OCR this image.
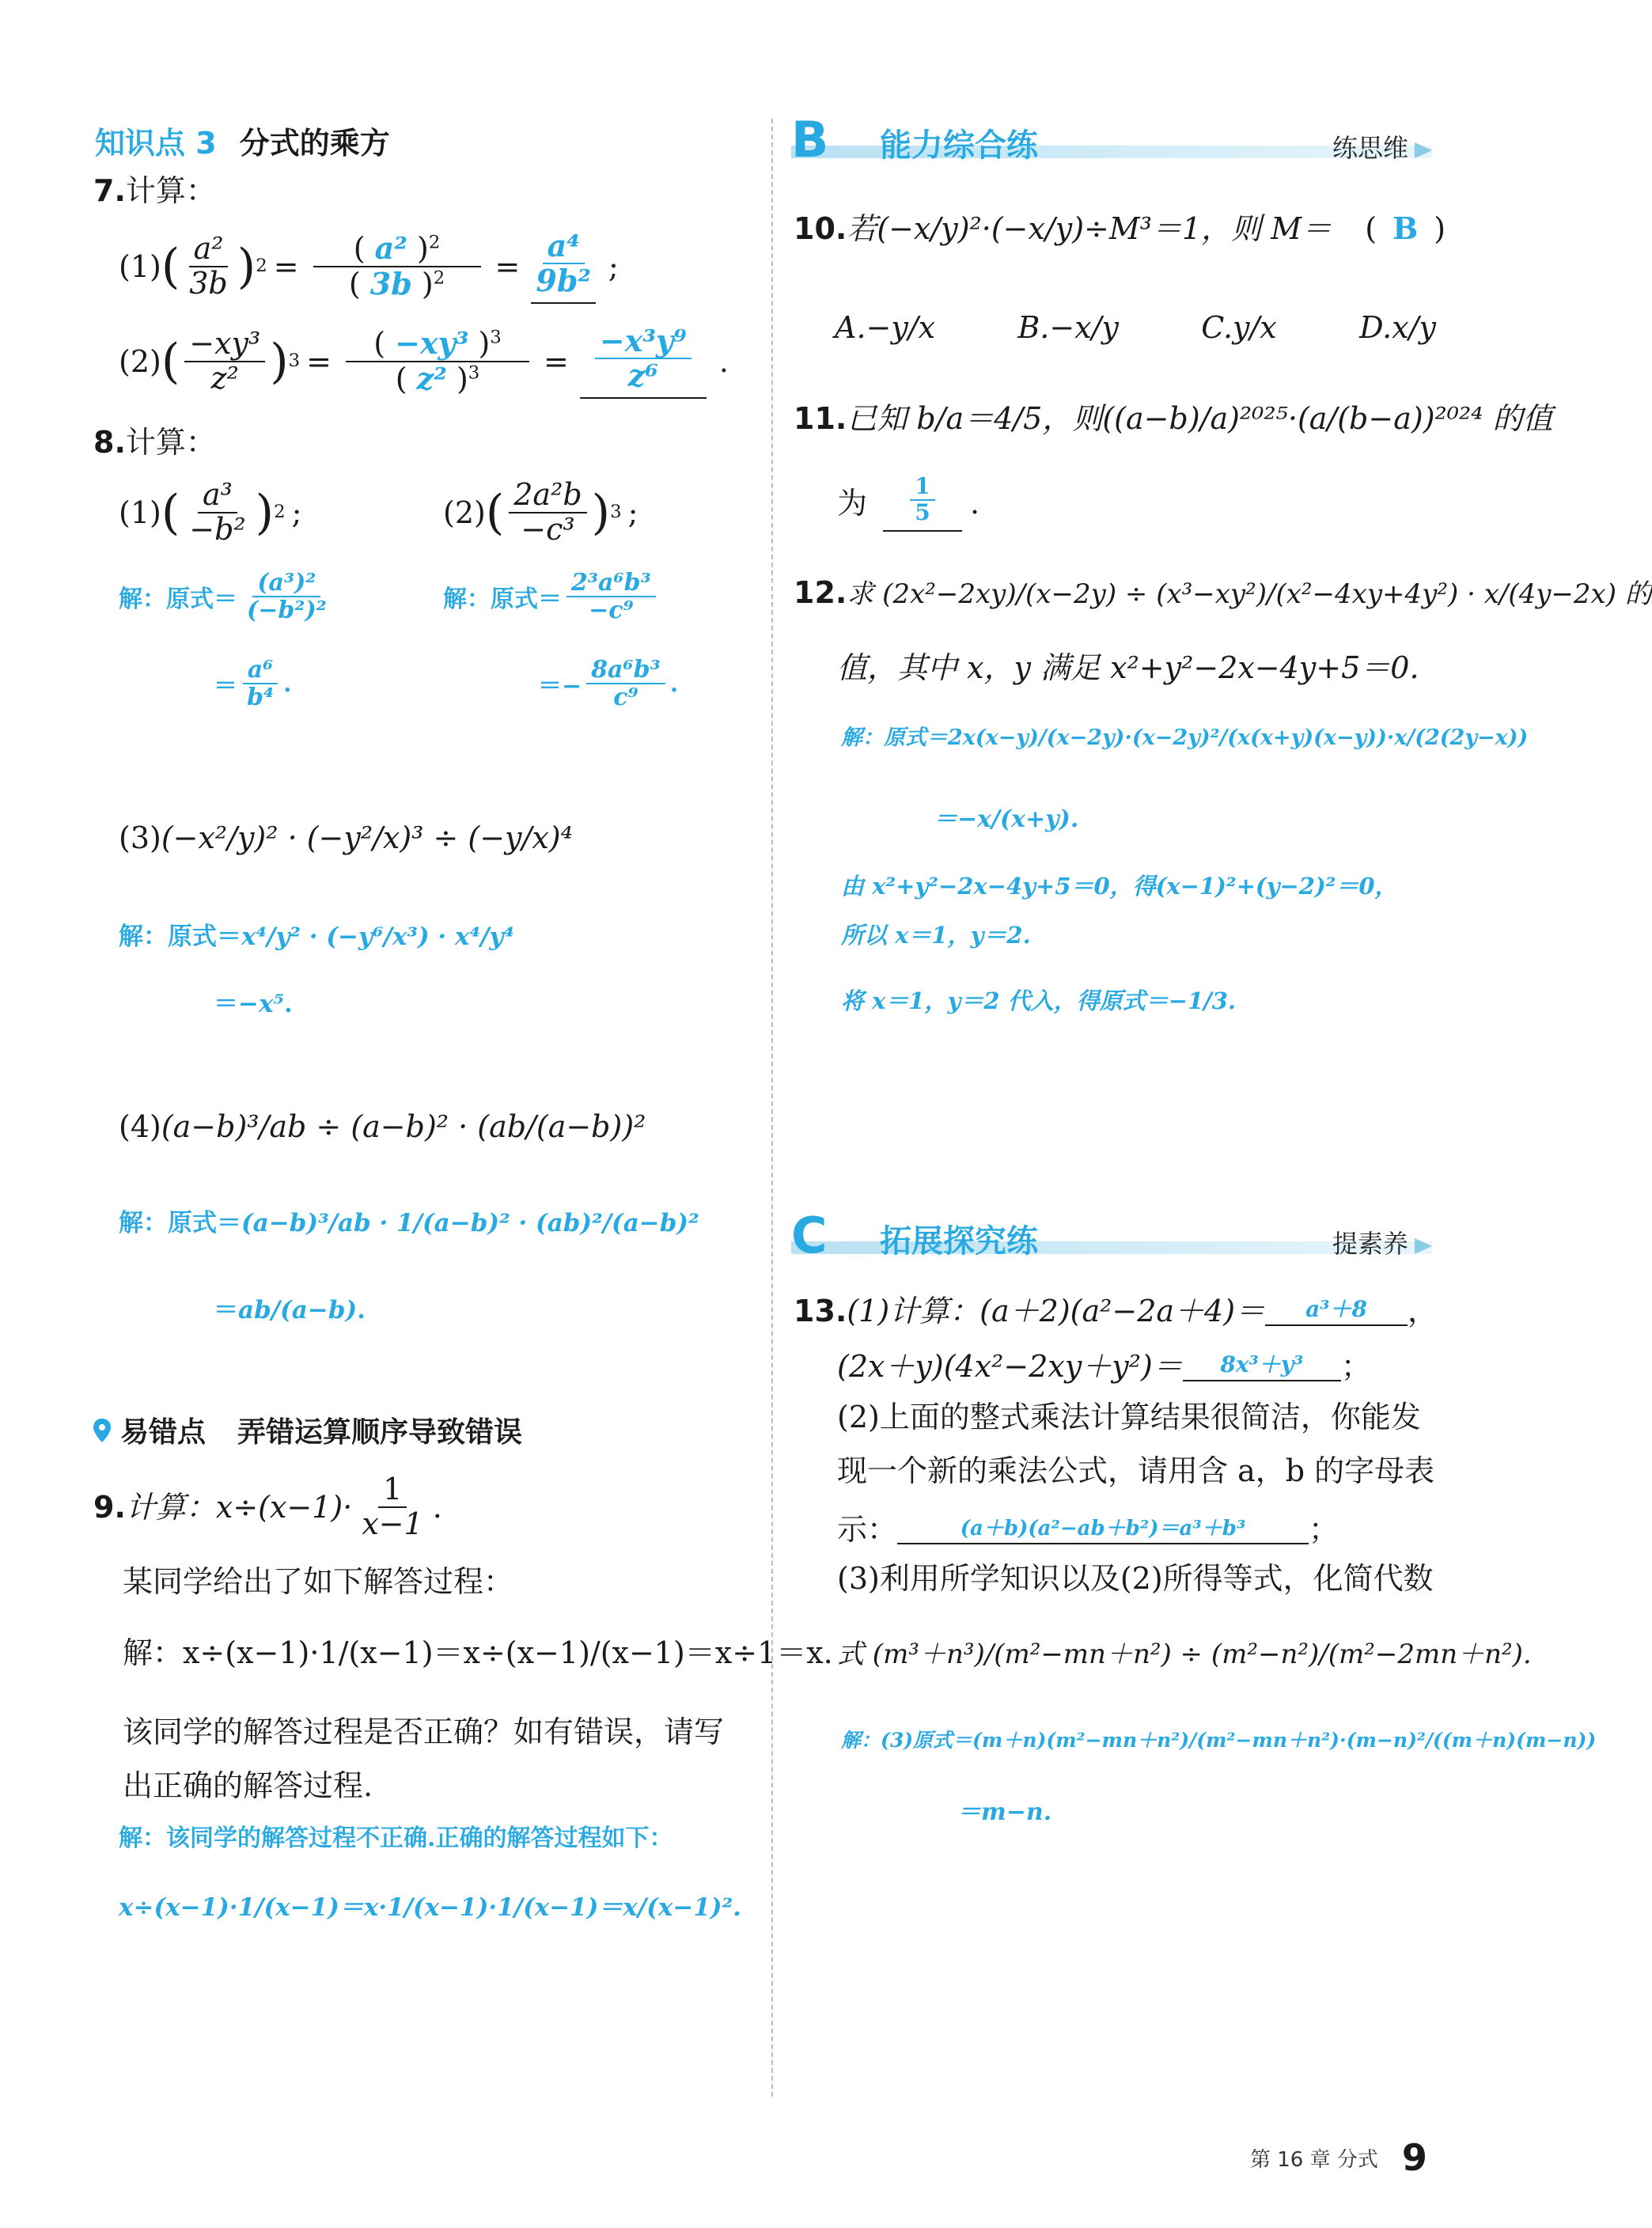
知识点 3 分式的乘方
7.计算：
(1) ( $\frac{\text{a²}}{3b}$ ) $2 = \frac{( a^2 )^2}{( 3b )^2} = \frac{\text{a⁴}}{\text{9b²}}$ ;
(2) ( $\frac{\text{−xy³}}{\text{z²}}$ ) $3 = \frac{( -xy^3 )^3}{( z^2 )^3} = \frac{\text{−x³y⁹}}{\text{z⁶}}$ .
8.计算：
(1) ( $\frac{\text{a³}}{\text{−b²}}$ ) 2 ;	(2) ( $\frac{\text{2a²b}}{\text{−c³}}$ ) 3 ;
解：原式＝ $\frac{\text{(a³)²}}{\text{(−b²)²}}$
＝ $\frac{\text{a⁶}}{\text{b⁴}}$ .
解：原式＝ $\frac{\text{2³a⁶b³}}{\text{−c⁹}}$
＝− $\frac{\text{8a⁶b³}}{\text{c⁹}}$ .
(3)(−x²/y)² · (−y²/x)³ ÷ (−y/x)⁴
解：原式＝x⁴/y² · (−y⁶/x³) · x⁴/y⁴
＝−x⁵.
(4)(a−b)³/ab ÷ (a−b)² · (ab/(a−b))²
解：原式＝(a−b)³/ab · 1/(a−b)² · (ab)²/(a−b)²
＝ab/(a−b).
易错点 弄错运算顺序导致错误
9. 计算：$x\div(x-1)\cdot \frac{1}{x-1}$ .
某同学给出了如下解答过程：
解：x÷(x−1)·1/(x−1)＝x÷(x−1)/(x−1)＝x÷1＝x.
该同学的解答过程是否正确？如有错误，请写
出正确的解答过程.
解：该同学的解答过程不正确.正确的解答过程如下：
x÷(x−1)·1/(x−1)＝x·1/(x−1)·1/(x−1)＝x/(x−1)².
B 能力综合练	练思维
10.若(−x/y)²·(−x/y)÷M³＝1，则 M＝ ( B )
A.−y/x	B.−x/y	C.y/x	D.x/y
11.已知 b/a＝4/5，则((a−b)/a)²⁰²⁵·(a/(b−a))²⁰²⁴ 的值
为 $\frac{1}{5}$ .
12.求 (2x²−2xy)/(x−2y) ÷ (x³−xy²)/(x²−4xy+4y²) · x/(4y−2x) 的
值，其中 x，y 满足 x²+y²−2x−4y+5＝0.
解：原式＝2x(x−y)/(x−2y)·(x−2y)²/(x(x+y)(x−y))·x/(2(2y−x))
＝−x/(x+y).
由 x²+y²−2x−4y+5＝0，得(x−1)²+(y−2)²＝0，
所以 x＝1，y＝2.
将 x＝1，y＝2 代入，得原式＝−1/3.
C 拓展探究练	提素养
13. (1)计算：(a＋2)(a²−2a＋4)＝	a³＋8	，
(2x＋y)(4x²−2xy＋y²)＝	8x³＋y³	；
(2)上面的整式乘法计算结果很简洁，你能发
现一个新的乘法公式，请用含 a，b 的字母表
示：	(a＋b)(a²−ab＋b²)＝a³＋b³	；
(3)利用所学知识以及(2)所得等式，化简代数
式 (m³＋n³)/(m²−mn＋n²) ÷ (m²−n²)/(m²−2mn＋n²).
解：(3)原式＝(m＋n)(m²−mn＋n²)/(m²−mn＋n²)·(m−n)²/((m＋n)(m−n))
＝m−n.
第 16 章 分式 9
